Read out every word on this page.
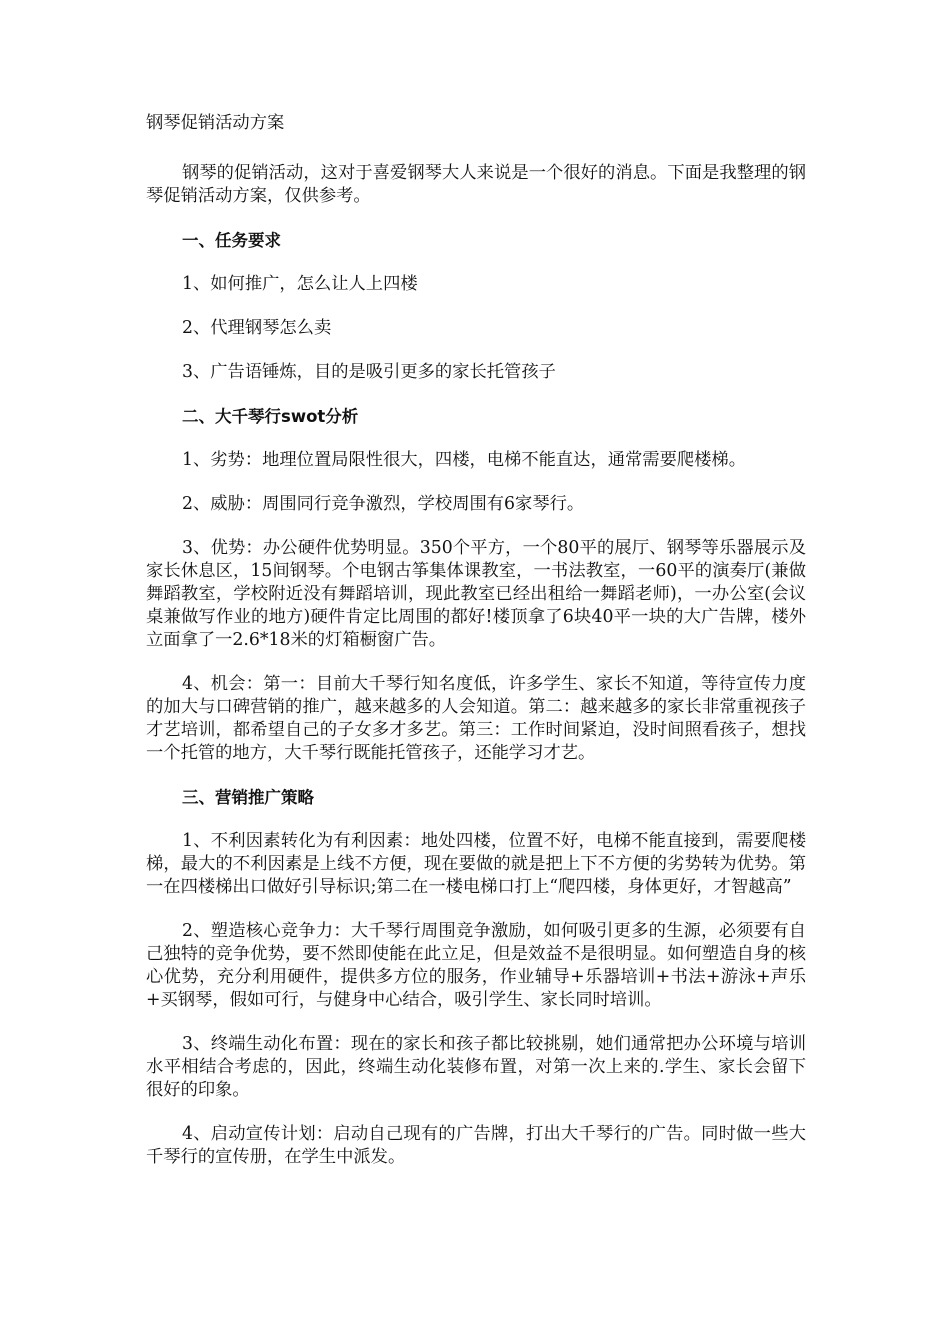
钢琴促销活动方案

钢琴的促销活动，这对于喜爱钢琴大人来说是一个很好的消息。下面是我整理的钢琴促销活动方案，仅供参考。

一、任务要求

1、如何推广，怎么让人上四楼

2、代理钢琴怎么卖

3、广告语锤炼，目的是吸引更多的家长托管孩子

二、大千琴行swot分析

1、劣势：地理位置局限性很大，四楼，电梯不能直达，通常需要爬楼梯。

2、威胁：周围同行竞争激烈，学校周围有6家琴行。

3、优势：办公硬件优势明显。350个平方，一个80平的展厅、钢琴等乐器展示及家长休息区，15间钢琴。个电钢古筝集体课教室，一书法教室，一60平的演奏厅(兼做舞蹈教室，学校附近没有舞蹈培训，现此教室已经出租给一舞蹈老师)，一办公室(会议桌兼做写作业的地方)硬件肯定比周围的都好!楼顶拿了6块40平一块的大广告牌，楼外立面拿了一2.6*18米的灯箱橱窗广告。

4、机会：第一：目前大千琴行知名度低，许多学生、家长不知道，等待宣传力度的加大与口碑营销的推广，越来越多的人会知道。第二：越来越多的家长非常重视孩子才艺培训，都希望自己的子女多才多艺。第三：工作时间紧迫，没时间照看孩子，想找一个托管的地方，大千琴行既能托管孩子，还能学习才艺。

三、营销推广策略

1、不利因素转化为有利因素：地处四楼，位置不好，电梯不能直接到，需要爬楼梯，最大的不利因素是上线不方便，现在要做的就是把上下不方便的劣势转为优势。第一在四楼梯出口做好引导标识;第二在一楼电梯口打上“爬四楼，身体更好，才智越高”

2、塑造核心竞争力：大千琴行周围竞争激励，如何吸引更多的生源，必须要有自己独特的竞争优势，要不然即使能在此立足，但是效益不是很明显。如何塑造自身的核心优势，充分利用硬件，提供多方位的服务，作业辅导+乐器培训+书法+游泳+声乐+买钢琴，假如可行，与健身中心结合，吸引学生、家长同时培训。

3、终端生动化布置：现在的家长和孩子都比较挑剔，她们通常把办公环境与培训水平相结合考虑的，因此，终端生动化装修布置，对第一次上来的.学生、家长会留下很好的印象。

4、启动宣传计划：启动自己现有的广告牌，打出大千琴行的广告。同时做一些大千琴行的宣传册，在学生中派发。
